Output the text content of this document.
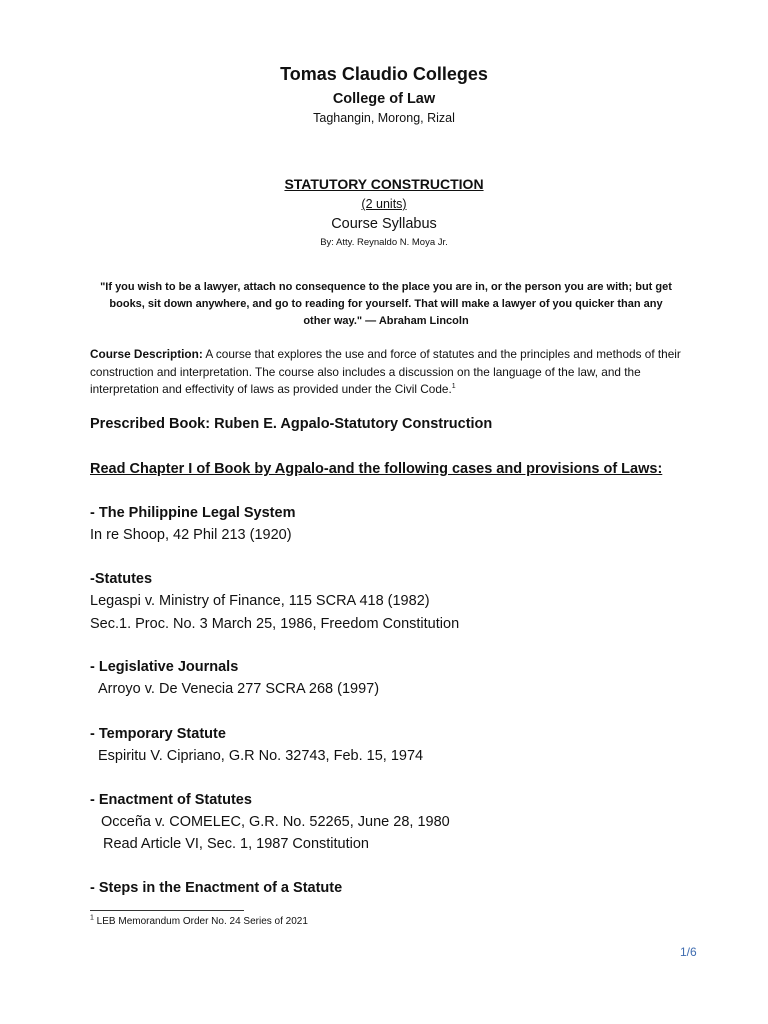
Tomas Claudio Colleges
College of Law
Taghangin, Morong, Rizal
STATUTORY CONSTRUCTION
(2 units)
Course Syllabus
By: Atty. Reynaldo N. Moya Jr.
"If you wish to be a lawyer, attach no consequence to the place you are in, or the person you are with; but get books, sit down anywhere, and go to reading for yourself. That will make a lawyer of you quicker than any other way." — Abraham Lincoln
Course Description: A course that explores the use and force of statutes and the principles and methods of their construction and interpretation. The course also includes a discussion on the language of the law, and the interpretation and effectivity of laws as provided under the Civil Code.$^1$
Prescribed Book: Ruben E. Agpalo-Statutory Construction
Read Chapter I of Book by Agpalo-and the following cases and provisions of Laws:
- The Philippine Legal System
In re Shoop, 42 Phil 213 (1920)
-Statutes
Legaspi v. Ministry of Finance, 115 SCRA 418 (1982)
Sec.1. Proc. No. 3 March 25, 1986, Freedom Constitution
- Legislative Journals
Arroyo v. De Venecia 277 SCRA 268 (1997)
- Temporary Statute
Espiritu V. Cipriano, G.R No. 32743, Feb. 15, 1974
- Enactment of Statutes
Occeña v. COMELEC, G.R. No. 52265, June 28, 1980
Read Article VI, Sec. 1, 1987 Constitution
- Steps in the Enactment of a Statute
$^1$ LEB Memorandum Order No. 24 Series of 2021
1/6
